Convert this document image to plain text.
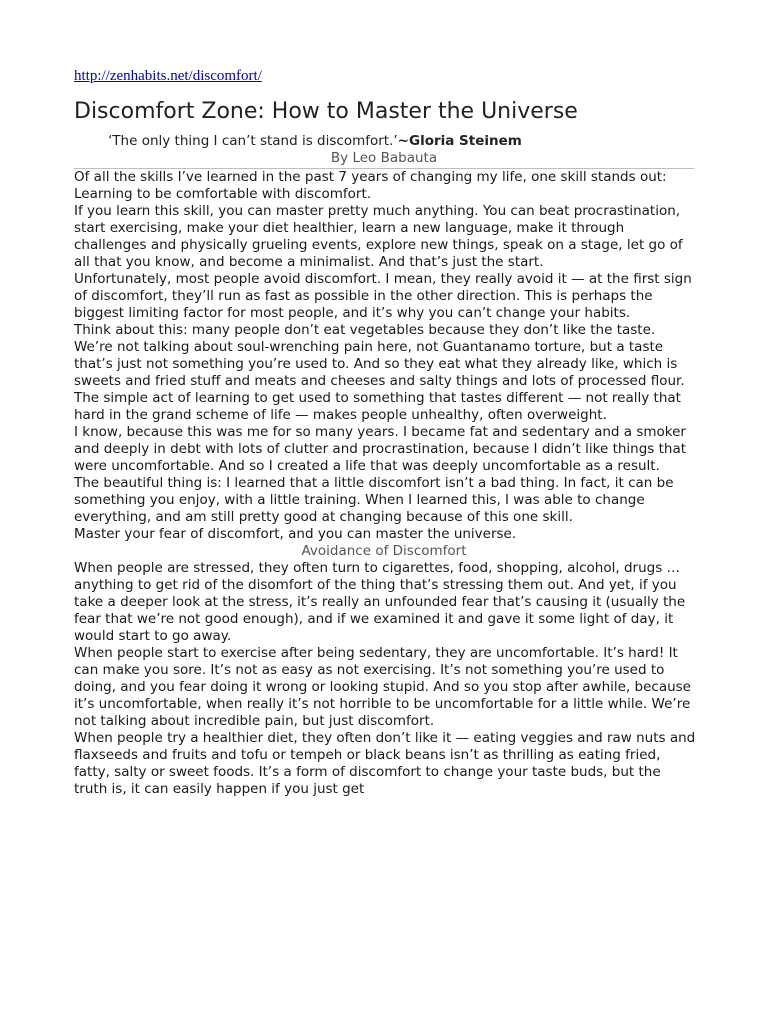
http://zenhabits.net/discomfort/
Discomfort Zone: How to Master the Universe
‘The only thing I can’t stand is discomfort.’~Gloria Steinem
By Leo Babauta

Of all the skills I’ve learned in the past 7 years of changing my life, one skill stands out:

Learning to be comfortable with discomfort.

If you learn this skill, you can master pretty much anything. You can beat procrastination, start exercising, make your diet healthier, learn a new language, make it through challenges and physically grueling events, explore new things, speak on a stage, let go of all that you know, and become a minimalist. And that’s just the start.

Unfortunately, most people avoid discomfort. I mean, they really avoid it — at the first sign of discomfort, they’ll run as fast as possible in the other direction. This is perhaps the biggest limiting factor for most people, and it’s why you can’t change your habits.

Think about this: many people don’t eat vegetables because they don’t like the taste. We’re not talking about soul-wrenching pain here, not Guantanamo torture, but a taste that’s just not something you’re used to. And so they eat what they already like, which is sweets and fried stuff and meats and cheeses and salty things and lots of processed flour.

The simple act of learning to get used to something that tastes different — not really that hard in the grand scheme of life — makes people unhealthy, often overweight.

I know, because this was me for so many years. I became fat and sedentary and a smoker and deeply in debt with lots of clutter and procrastination, because I didn’t like things that were uncomfortable. And so I created a life that was deeply uncomfortable as a result.

The beautiful thing is: I learned that a little discomfort isn’t a bad thing. In fact, it can be something you enjoy, with a little training. When I learned this, I was able to change everything, and am still pretty good at changing because of this one skill.

Master your fear of discomfort, and you can master the universe.

Avoidance of Discomfort

When people are stressed, they often turn to cigarettes, food, shopping, alcohol, drugs … anything to get rid of the disomfort of the thing that’s stressing them out. And yet, if you take a deeper look at the stress, it’s really an unfounded fear that’s causing it (usually the fear that we’re not good enough), and if we examined it and gave it some light of day, it would start to go away.

When people start to exercise after being sedentary, they are uncomfortable. It’s hard! It can make you sore. It’s not as easy as not exercising. It’s not something you’re used to doing, and you fear doing it wrong or looking stupid. And so you stop after awhile, because it’s uncomfortable, when really it’s not horrible to be uncomfortable for a little while. We’re not talking about incredible pain, but just discomfort.

When people try a healthier diet, they often don’t like it — eating veggies and raw nuts and flaxseeds and fruits and tofu or tempeh or black beans isn’t as thrilling as eating fried, fatty, salty or sweet foods. It’s a form of discomfort to change your taste buds, but the truth is, it can easily happen if you just get
